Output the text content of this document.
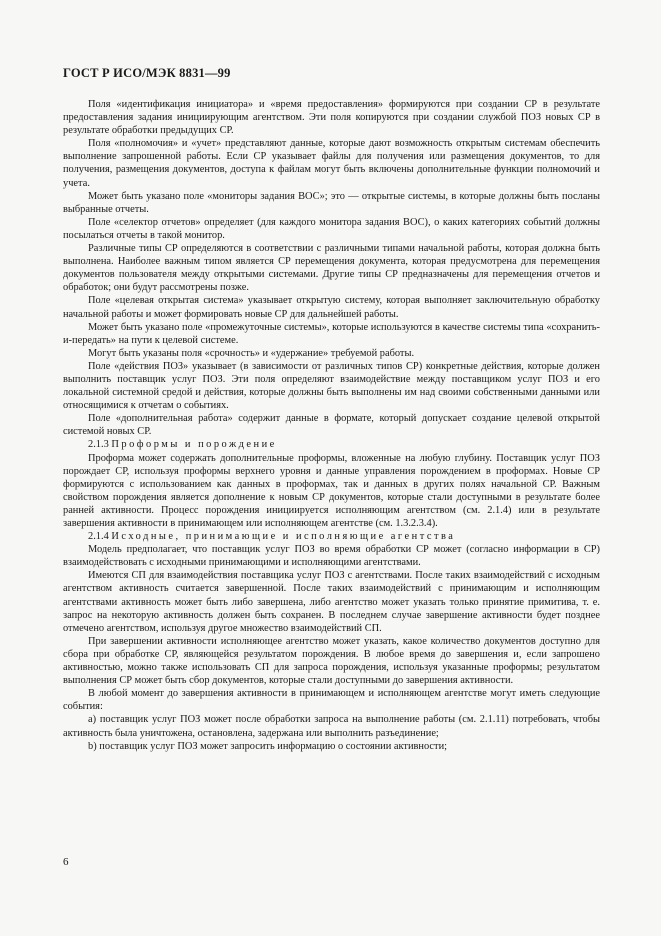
ГОСТ Р ИСО/МЭК 8831—99

Поля «идентификация инициатора» и «время предоставления» формируются при создании СР в результате предоставления задания инициирующим агентством. Эти поля копируются при создании службой ПОЗ новых СР в результате обработки предыдущих СР.

Поля «полномочия» и «учет» представляют данные, которые дают возможность открытым системам обеспечить выполнение запрошенной работы. Если СР указывает файлы для получения или размещения документов, то для получения, размещения документов, доступа к файлам могут быть включены дополнительные функции полномочий и учета.

Может быть указано поле «мониторы задания ВОС»; это — открытые системы, в которые должны быть посланы выбранные отчеты.

Поле «селектор отчетов» определяет (для каждого монитора задания ВОС), о каких категориях событий должны посылаться отчеты в такой монитор.

Различные типы СР определяются в соответствии с различными типами начальной работы, которая должна быть выполнена. Наиболее важным типом является СР перемещения документа, которая предусмотрена для перемещения документов пользователя между открытыми системами. Другие типы СР предназначены для перемещения отчетов и обработок; они будут рассмотрены позже.

Поле «целевая открытая система» указывает открытую систему, которая выполняет заключительную обработку начальной работы и может формировать новые СР для дальнейшей работы.

Может быть указано поле «промежуточные системы», которые используются в качестве системы типа «сохранить-и-передать» на пути к целевой системе.

Могут быть указаны поля «срочность» и «удержание» требуемой работы.

Поле «действия ПОЗ» указывает (в зависимости от различных типов СР) конкретные действия, которые должен выполнить поставщик услуг ПОЗ. Эти поля определяют взаимодействие между поставщиком услуг ПОЗ и его локальной системной средой и действия, которые должны быть выполнены им над своими собственными данными или относящимися к отчетам о событиях.

Поле «дополнительная работа» содержит данные в формате, который допускает создание целевой открытой системой новых СР.

2.1.3 Проформы и порождение

Проформа может содержать дополнительные проформы, вложенные на любую глубину. Поставщик услуг ПОЗ порождает СР, используя проформы верхнего уровня и данные управления порождением в проформах. Новые СР формируются с использованием как данных в проформах, так и данных в других полях начальной СР. Важным свойством порождения является дополнение к новым СР документов, которые стали доступными в результате более ранней активности. Процесс порождения инициируется исполняющим агентством (см. 2.1.4) или в результате завершения активности в принимающем или исполняющем агентстве (см. 1.3.2.3.4).

2.1.4 Исходные, принимающие и исполняющие агентства

Модель предполагает, что поставщик услуг ПОЗ во время обработки СР может (согласно информации в СР) взаимодействовать с исходными принимающими и исполняющими агентствами.

Имеются СП для взаимодействия поставщика услуг ПОЗ с агентствами. После таких взаимодействий с исходным агентством активность считается завершенной. После таких взаимодействий с принимающим и исполняющим агентствами активность может быть либо завершена, либо агентство может указать только принятие примитива, т. е. запрос на некоторую активность должен быть сохранен. В последнем случае завершение активности будет позднее отмечено агентством, используя другое множество взаимодействий СП.

При завершении активности исполняющее агентство может указать, какое количество документов доступно для сбора при обработке СР, являющейся результатом порождения. В любое время до завершения и, если запрошено активностью, можно также использовать СП для запроса порождения, используя указанные проформы; результатом выполнения СР может быть сбор документов, которые стали доступными до завершения активности.

В любой момент до завершения активности в принимающем и исполняющем агентстве могут иметь следующие события:

a) поставщик услуг ПОЗ может после обработки запроса на выполнение работы (см. 2.1.11) потребовать, чтобы активность была уничтожена, остановлена, задержана или выполнить разъединение;

b) поставщик услуг ПОЗ может запросить информацию о состоянии активности;

6
